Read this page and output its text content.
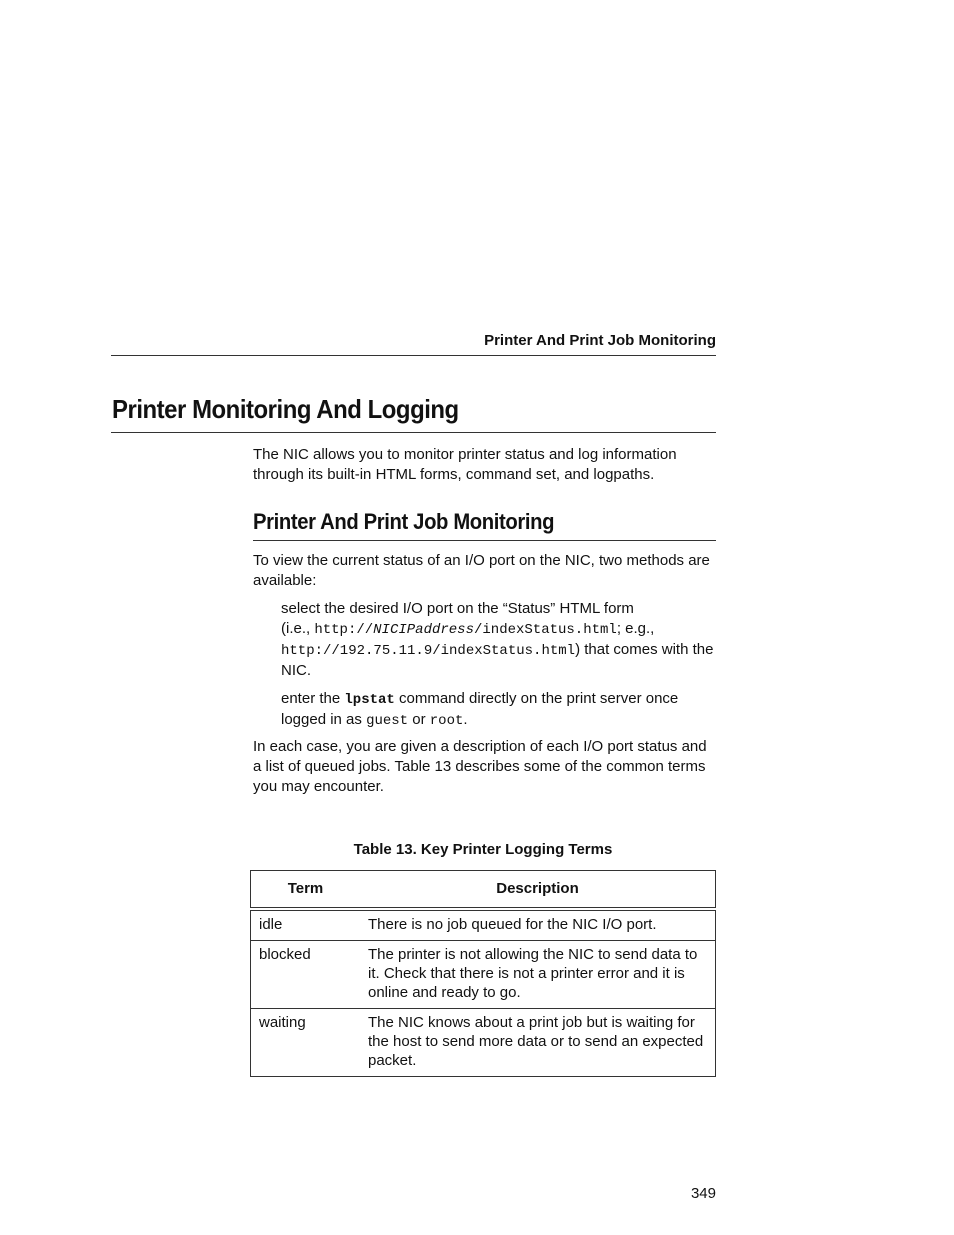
Printer And Print Job Monitoring
Printer Monitoring And Logging

The NIC allows you to monitor printer status and log information through its built-in HTML forms, command set, and logpaths.

Printer And Print Job Monitoring

To view the current status of an I/O port on the NIC, two methods are available:

select the desired I/O port on the “Status” HTML form
(i.e., http://NICIPaddress/indexStatus.html; e.g.,
http://192.75.11.9/indexStatus.html) that comes with the NIC.

enter the lpstat command directly on the print server once logged in as guest or root.

In each case, you are given a description of each I/O port status and a list of queued jobs. Table 13 describes some of the common terms you may encounter.

Table 13. Key Printer Logging Terms
Term	Description
idle	There is no job queued for the NIC I/O port.
blocked	The printer is not allowing the NIC to send data to it. Check that there is not a printer error and it is online and ready to go.
waiting	The NIC knows about a print job but is waiting for the host to send more data or to send an expected packet.
349
